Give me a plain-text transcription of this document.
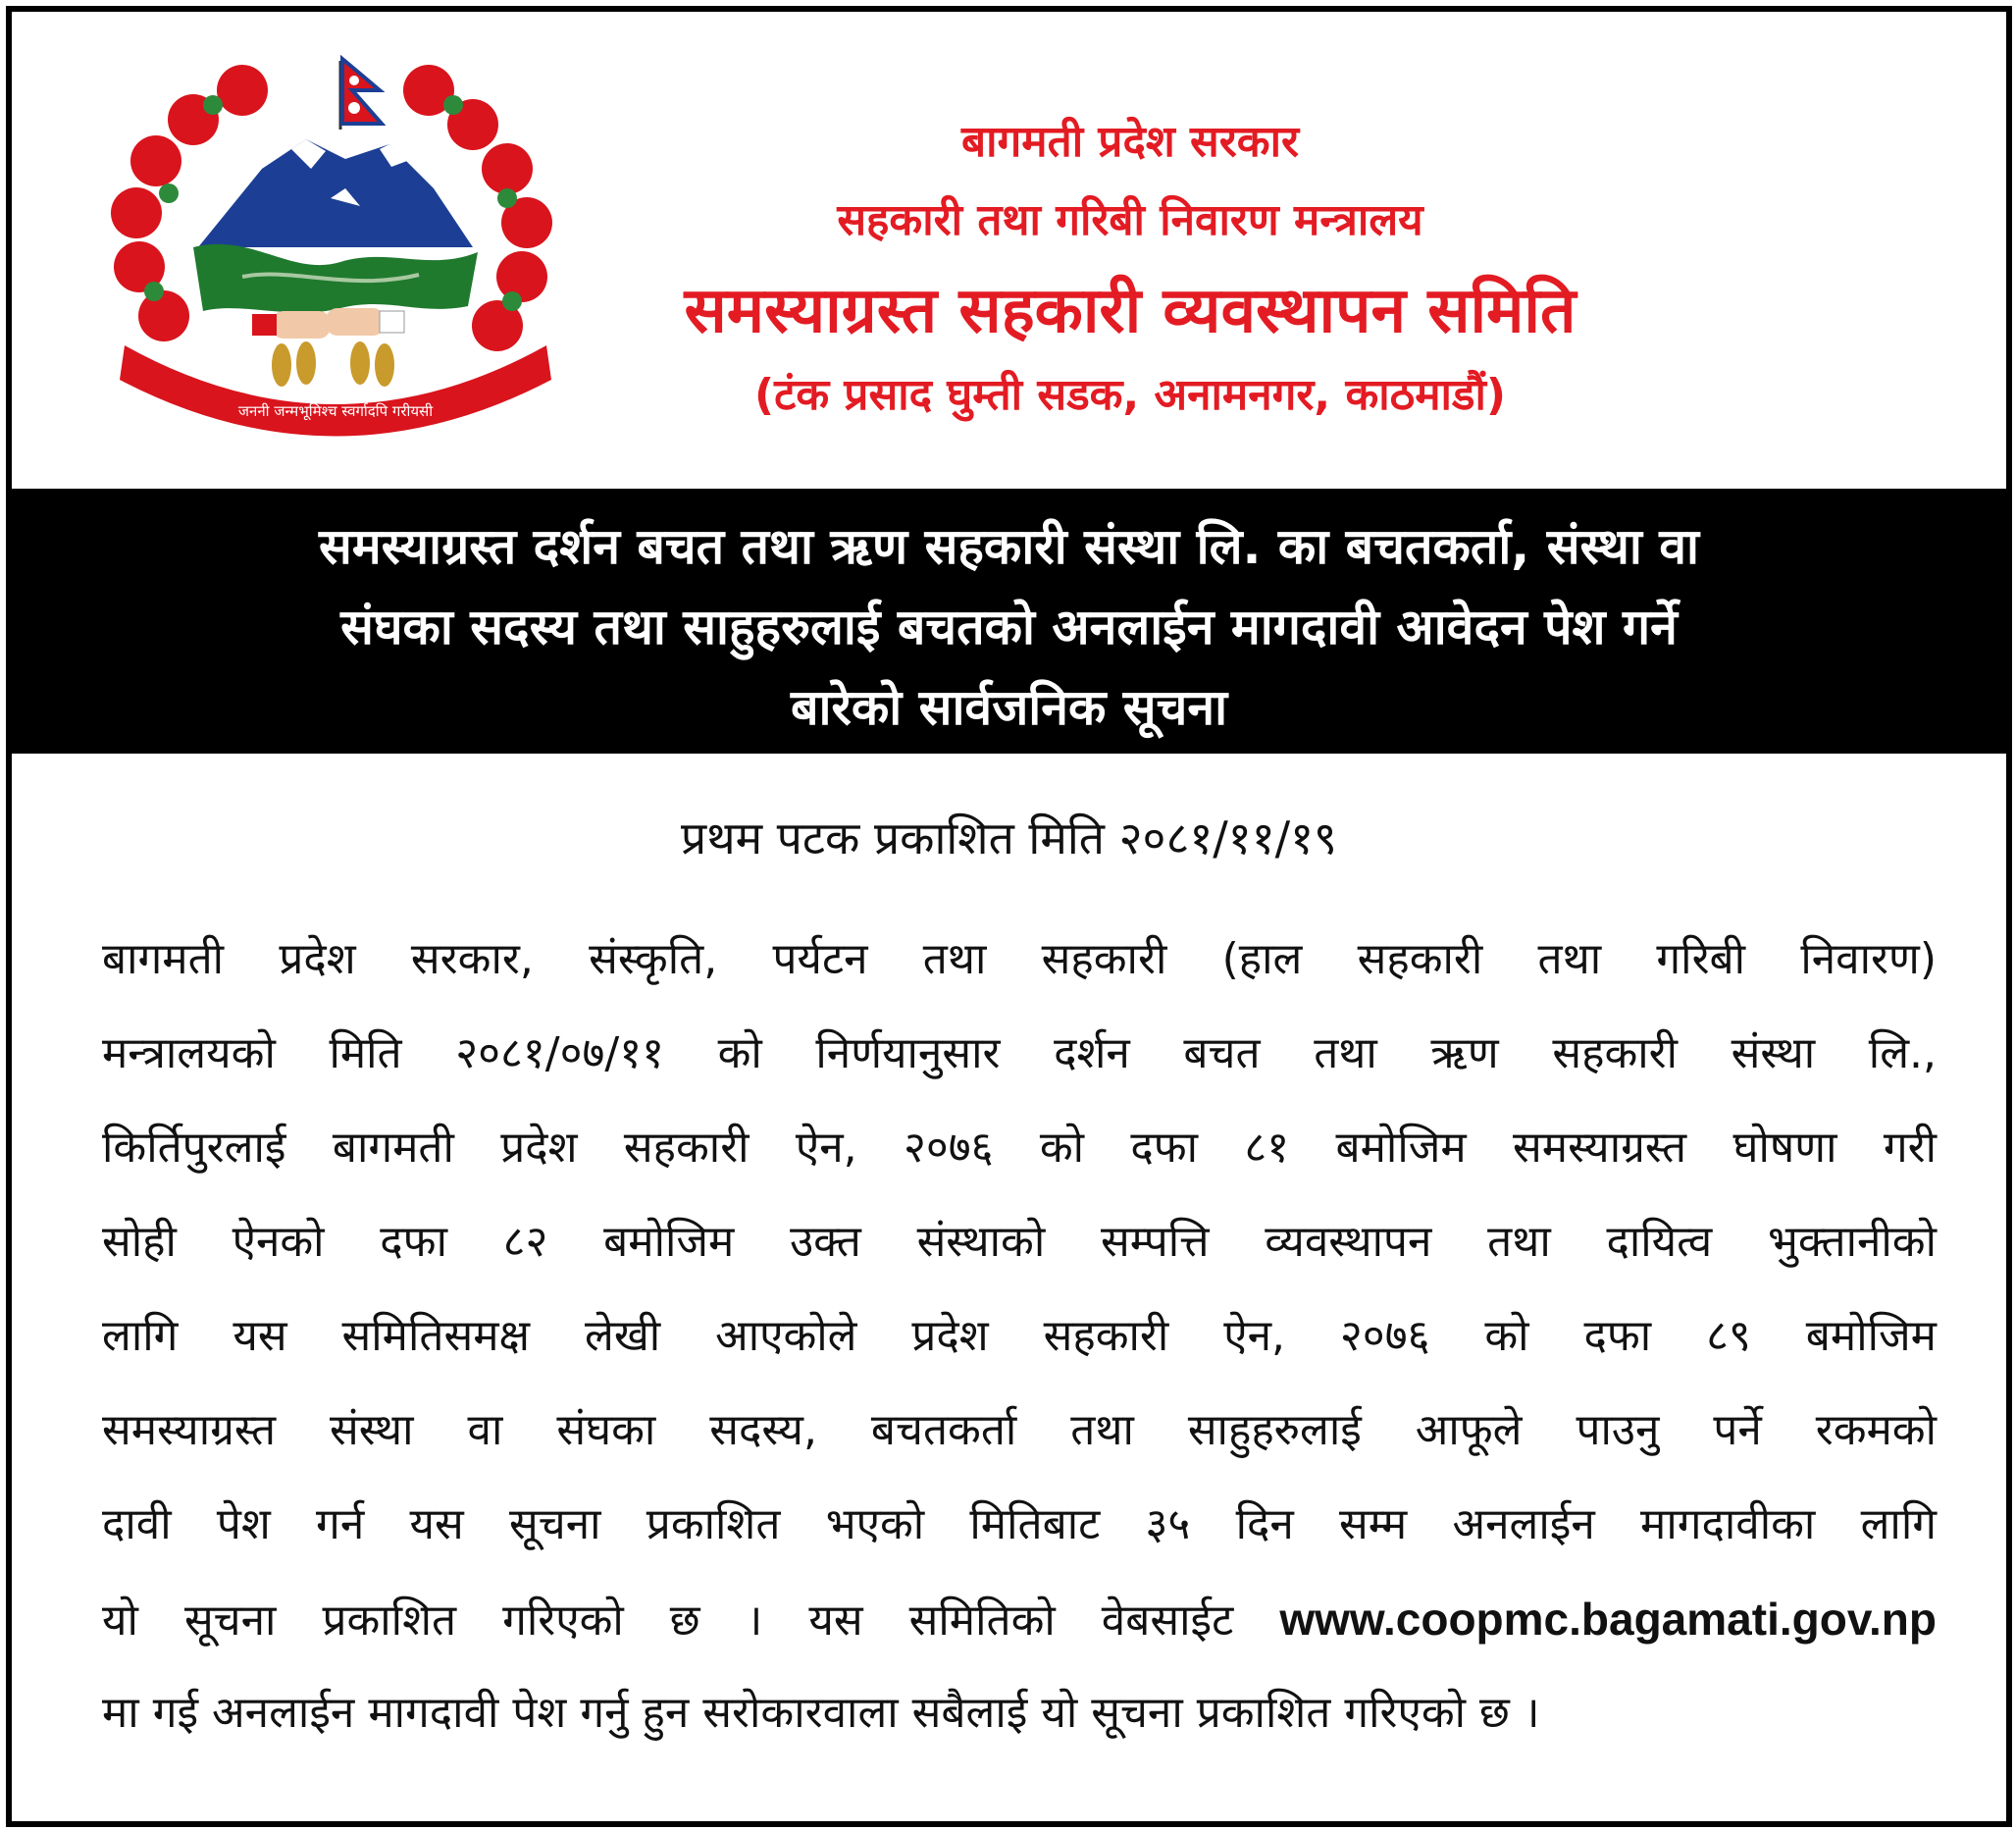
जननी जन्मभूमिश्च स्वर्गादपि गरीयसी
बागमती प्रदेश सरकार
सहकारी तथा गरिबी निवारण मन्त्रालय
समस्याग्रस्त सहकारी व्यवस्थापन समिति
(टंक प्रसाद घुम्ती सडक, अनामनगर, काठमाडौं)
समस्याग्रस्त दर्शन बचत तथा ऋण सहकारी संस्था लि. का बचतकर्ता, संस्था वा
संघका सदस्य तथा साहुहरुलाई बचतको अनलाईन मागदावी आवेदन पेश गर्ने
बारेको सार्वजनिक सूचना
प्रथम पटक प्रकाशित मिति २०८१/११/१९
बागमती प्रदेश सरकार, संस्कृति, पर्यटन तथा सहकारी (हाल सहकारी तथा गरिबी निवारण)
मन्त्रालयको मिति २०८१/०७/११ को निर्णयानुसार दर्शन बचत तथा ऋण सहकारी संस्था लि.,
किर्तिपुरलाई बागमती प्रदेश सहकारी ऐन, २०७६ को दफा ८१ बमोजिम समस्याग्रस्त घोषणा गरी
सोही ऐनको दफा ८२ बमोजिम उक्त संस्थाको सम्पत्ति व्यवस्थापन तथा दायित्व भुक्तानीको
लागि यस समितिसमक्ष लेखी आएकोले प्रदेश सहकारी ऐन, २०७६ को दफा ८९ बमोजिम
समस्याग्रस्त संस्था वा संघका सदस्य, बचतकर्ता तथा साहुहरुलाई आफूले पाउनु पर्ने रकमको
दावी पेश गर्न यस सूचना प्रकाशित भएको मितिबाट ३५ दिन सम्म अनलाईन मागदावीका लागि
यो सूचना प्रकाशित गरिएको छ । यस समितिको वेबसाईट www.coopmc.bagamati.gov.np
मा गई अनलाईन मागदावी पेश गर्नु हुन सरोकारवाला सबैलाई यो सूचना प्रकाशित गरिएको छ ।
